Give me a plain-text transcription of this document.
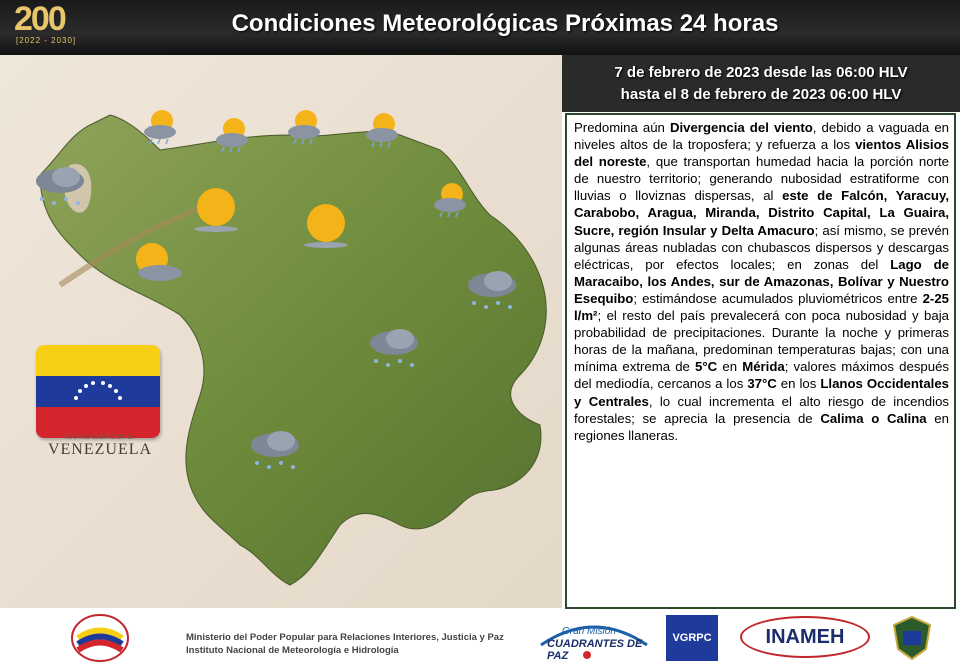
200
[2022 - 2030]
Condiciones Meteorológicas Próximas 24 horas
MAPA de ELEVACIÓN de
VENEZUELA
7 de febrero de 2023 desde las 06:00 HLV
hasta el 8 de febrero de 2023 06:00 HLV
Predomina aún Divergencia del viento, debido a vaguada en niveles altos de la troposfera; y refuerza a los vientos Alisios del noreste, que transportan humedad hacia la porción norte de nuestro territorio; generando nubosidad estratiforme con lluvias o lloviznas dispersas, al este de Falcón, Yaracuy, Carabobo, Aragua, Miranda, Distrito Capital, La Guaira, Sucre, región Insular y Delta Amacuro; así mismo, se prevén algunas áreas nubladas con chubascos dispersos y descargas eléctricas, por efectos locales; en zonas del Lago de Maracaibo, los Andes, sur de Amazonas, Bolívar y Nuestro Esequibo; estimándose acumulados pluviométricos entre 2-25 l/m²; el resto del país prevalecerá con poca nubosidad y baja probabilidad de precipitaciones. Durante la noche y primeras horas de la mañana, predominan temperaturas bajas; con una mínima extrema de 5°C en Mérida; valores máximos después del mediodía, cercanos a los 37°C en los Llanos Occidentales y Centrales, lo cual incrementa el alto riesgo de incendios forestales; se aprecia la presencia de Calima o Calina en regiones llaneras.
Ministerio del Poder Popular para Relaciones Interiores, Justicia y Paz
Instituto Nacional de Meteorología e Hidrología
Gran Misión
CUADRANTES DE PAZ
VGRPC	INAMEH
